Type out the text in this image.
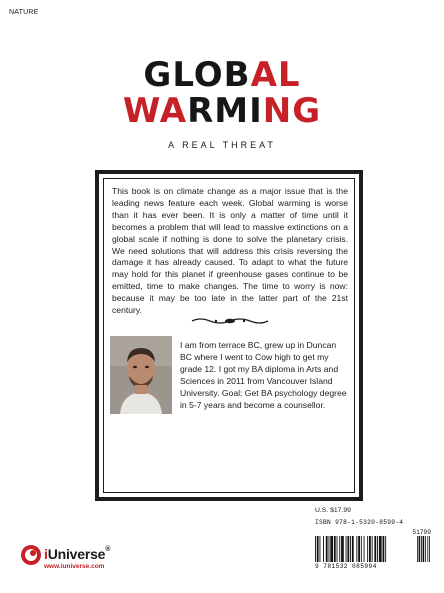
NATURE
GLOBAL
WARMING
A REAL THREAT

This book is on climate change as a major issue that is the leading news feature each week. Global warming is worse than it has ever been. It is only a matter of time until it becomes a problem that will lead to massive extinctions on a global scale if nothing is done to solve the planetary crisis. We need solutions that will address this crisis reversing the damage it has already caused. To adapt to what the future may hold for this planet if greenhouse gases continue to be emitted, time to make changes. The time to worry is now: because it may be too late in the latter part of the 21st century.

I am from terrace BC, grew up in Duncan BC where I went to Cow high to get my grade 12. I got my BA diploma in Arts and Sciences in 2011 from Vancouver Island University. Goal: Get BA psychology degree in 5-7 years and become a counsellor.

U.S. $17.99
ISBN 978-1-5320-8599-4
51799
9 781532 085994
iUniverse®
www.iuniverse.com
